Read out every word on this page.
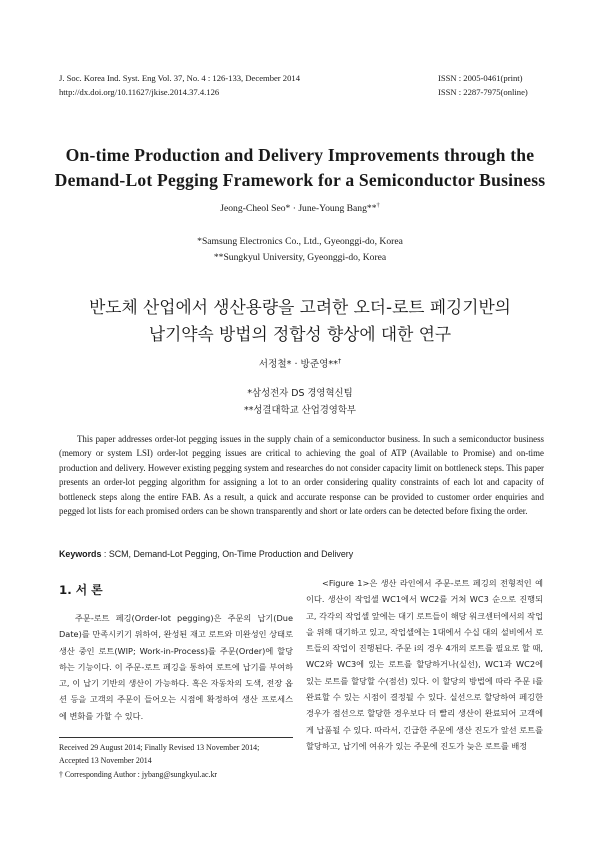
J. Soc. Korea Ind. Syst. Eng Vol. 37, No. 4 : 126-133, December 2014
http://dx.doi.org/10.11627/jkise.2014.37.4.126
ISSN : 2005-0461(print)
ISSN : 2287-7975(online)
On-time Production and Delivery Improvements through the
Demand-Lot Pegging Framework for a Semiconductor Business
Jeong-Cheol Seo* · June-Young Bang**†
*Samsung Electronics Co., Ltd., Gyeonggi-do, Korea
**Sungkyul University, Gyeonggi-do, Korea
반도체 산업에서 생산용량을 고려한 오더-로트 페깅기반의
납기약속 방법의 정합성 향상에 대한 연구
서정철* · 방준영**†
*삼성전자 DS 경영혁신팀
**성결대학교 산업경영학부
This paper addresses order-lot pegging issues in the supply chain of a semiconductor business. In such a semiconductor business (memory or system LSI) order-lot pegging issues are critical to achieving the goal of ATP (Available to Promise) and on-time production and delivery. However existing pegging system and researches do not consider capacity limit on bottleneck steps. This paper presents an order-lot pegging algorithm for assigning a lot to an order considering quality constraints of each lot and capacity of bottleneck steps along the entire FAB. As a result, a quick and accurate response can be provided to customer order enquiries and pegged lot lists for each promised orders can be shown transparently and short or late orders can be detected before fixing the order.
Keywords : SCM, Demand-Lot Pegging, On-Time Production and Delivery
1. 서 론
주문-로트 페깅(Order-lot pegging)은 주문의 납기(Due Date)를 만족시키기 위하여, 완성된 재고 로트와 미완성인 상태로 생산 중인 로트(WIP; Work-in-Process)를 주문(Order)에 할당하는 기능이다. 이 주문-로트 페깅을 통하여 로트에 납기를 부여하고, 이 납기 기반의 생산이 가능하다. 혹은 자동차의 도색, 전장 옵션 등을 고객의 주문이 들어오는 시점에 확정하여 생산 프로세스에 변화를 가할 수 있다.
<Figure 1>은 생산 라인에서 주문-로트 페깅의 전형적인 예이다. 생산이 작업셀 WC1에서 WC2를 거쳐 WC3 순으로 진행되고, 각각의 작업셀 앞에는 대기 로트들이 해당 워크센터에서의 작업을 위해 대기하고 있고, 작업셀에는 1대에서 수십 대의 설비에서 로트들의 작업이 진행된다. 주문 i의 경우 4개의 로트를 필요로 할 때, WC2와 WC3에 있는 로트를 할당하거나(실선), WC1과 WC2에 있는 로트를 할당할 수(점선) 있다. 이 할당의 방법에 따라 주문 i를 완료할 수 있는 시점이 결정될 수 있다. 실선으로 할당하여 페깅한 경우가 점선으로 할당한 경우보다 더 빨리 생산이 완료되어 고객에게 납품될 수 있다. 따라서, 긴급한 주문에 생산 진도가 앞선 로트를 할당하고, 납기에 여유가 있는 주문에 진도가 늦은 로트를 배정
Received 29 August 2014; Finally Revised 13 November 2014;
Accepted 13 November 2014
† Corresponding Author : jybang@sungkyul.ac.kr
